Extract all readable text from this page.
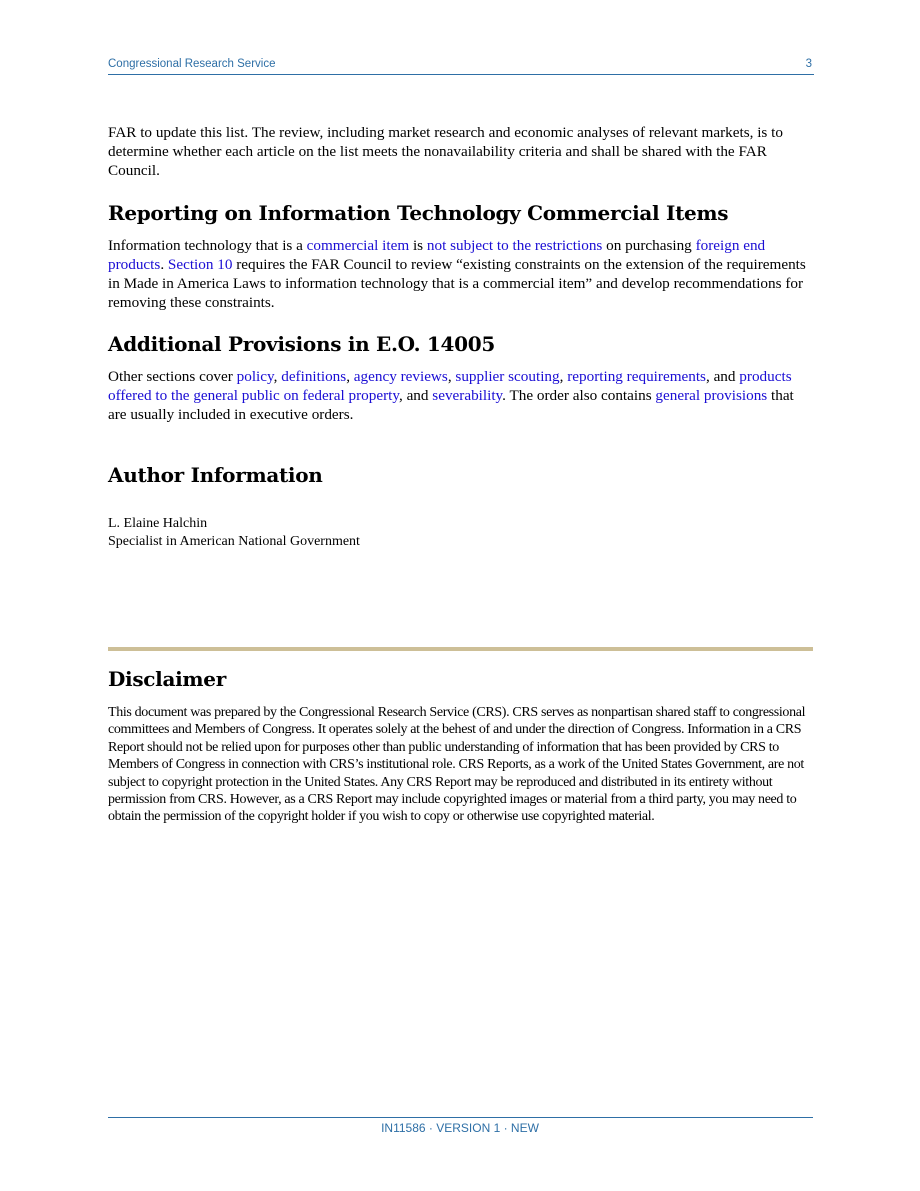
Congressional Research Service	3
FAR to update this list. The review, including market research and economic analyses of relevant markets, is to determine whether each article on the list meets the nonavailability criteria and shall be shared with the FAR Council.
Reporting on Information Technology Commercial Items
Information technology that is a commercial item is not subject to the restrictions on purchasing foreign end products. Section 10 requires the FAR Council to review “existing constraints on the extension of the requirements in Made in America Laws to information technology that is a commercial item” and develop recommendations for removing these constraints.
Additional Provisions in E.O. 14005
Other sections cover policy, definitions, agency reviews, supplier scouting, reporting requirements, and products offered to the general public on federal property, and severability. The order also contains general provisions that are usually included in executive orders.
Author Information
L. Elaine Halchin
Specialist in American National Government
Disclaimer
This document was prepared by the Congressional Research Service (CRS). CRS serves as nonpartisan shared staff to congressional committees and Members of Congress. It operates solely at the behest of and under the direction of Congress. Information in a CRS Report should not be relied upon for purposes other than public understanding of information that has been provided by CRS to Members of Congress in connection with CRS’s institutional role. CRS Reports, as a work of the United States Government, are not subject to copyright protection in the United States. Any CRS Report may be reproduced and distributed in its entirety without permission from CRS. However, as a CRS Report may include copyrighted images or material from a third party, you may need to obtain the permission of the copyright holder if you wish to copy or otherwise use copyrighted material.
IN11586 · VERSION 1 · NEW
